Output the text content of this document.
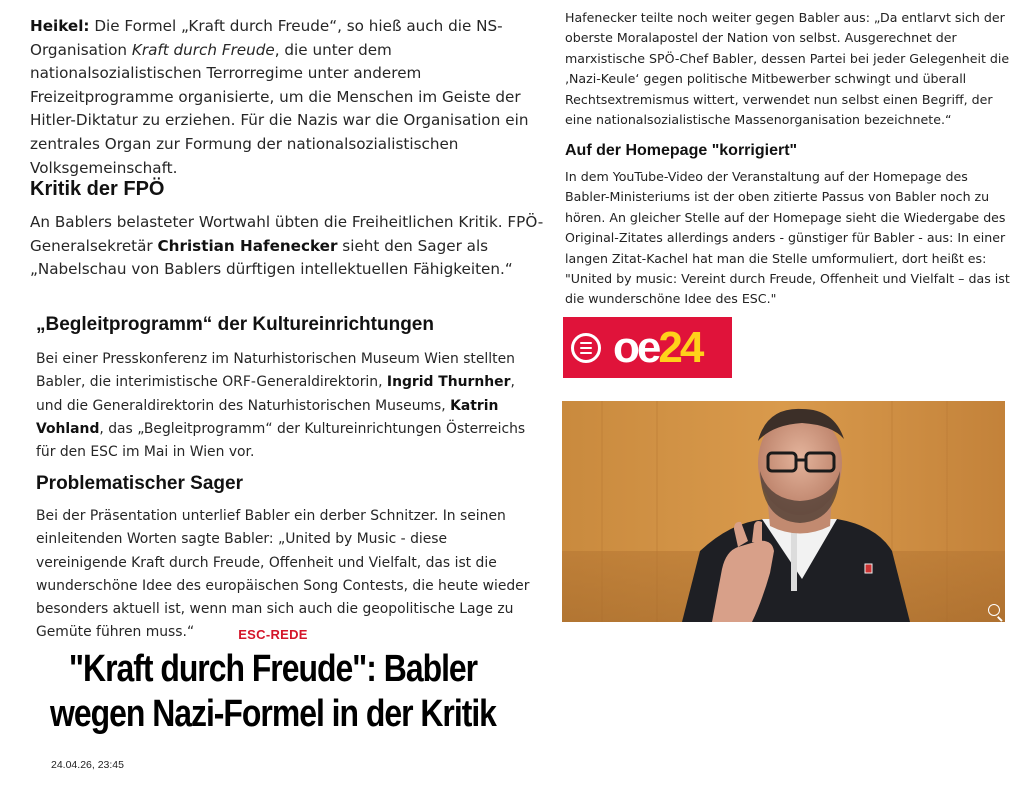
Heikel: Die Formel „Kraft durch Freude“, so hieß auch die NS-Organisation Kraft durch Freude, die unter dem nationalsozialistischen Terrorregime unter anderem Freizeitprogramme organisierte, um die Menschen im Geiste der Hitler-Diktatur zu erziehen. Für die Nazis war die Organisation ein zentrales Organ zur Formung der nationalsozialistischen Volksgemeinschaft.

Kritik der FPÖ

An Bablers belasteter Wortwahl übten die Freiheitlichen Kritik. FPÖ-Generalsekretär Christian Hafenecker sieht den Sager als „Nabelschau von Bablers dürftigen intellektuellen Fähigkeiten.“

„Begleitprogramm“ der Kultureinrichtungen

Bei einer Presskonferenz im Naturhistorischen Museum Wien stellten Babler, die interimistische ORF-Generaldirektorin, Ingrid Thurnher, und die Generaldirektorin des Naturhistorischen Museums, Katrin Vohland, das „Begleitprogramm“ der Kultureinrichtungen Österreichs für den ESC im Mai in Wien vor.

Problematischer Sager
Bei der Präsentation unterlief Babler ein derber Schnitzer. In seinen einleitenden Worten sagte Babler: „United by Music - diese vereinigende Kraft durch Freude, Offenheit und Vielfalt, das ist die wunderschöne Idee des europäischen Song Contests, die heute wieder besonders aktuell ist, wenn man sich auch die geopolitische Lage zu Gemüte führen muss.“	ESC-REDE
"Kraft durch Freude": Babler
wegen Nazi-Formel in der Kritik
24.04.26, 23:45
Hafenecker teilte noch weiter gegen Babler aus: „Da entlarvt sich der oberste Moralapostel der Nation von selbst. Ausgerechnet der marxistische SPÖ-Chef Babler, dessen Partei bei jeder Gelegenheit die ‚Nazi-Keule‘ gegen politische Mitbewerber schwingt und überall Rechtsextremismus wittert, verwendet nun selbst einen Begriff, der eine nationalsozialistische Massenorganisation bezeichnete.“
Auf der Homepage "korrigiert"
In dem YouTube-Video der Veranstaltung auf der Homepage des Babler-Ministeriums ist der oben zitierte Passus von Babler noch zu hören. An gleicher Stelle auf der Homepage sieht die Wiedergabe des Original-Zitates allerdings anders - günstiger für Babler - aus: In einer langen Zitat-Kachel hat man die Stelle umformuliert, dort heißt es: "United by music: Vereint durch Freude, Offenheit und Vielfalt – das ist die wunderschöne Idee des ESC."
oe24
